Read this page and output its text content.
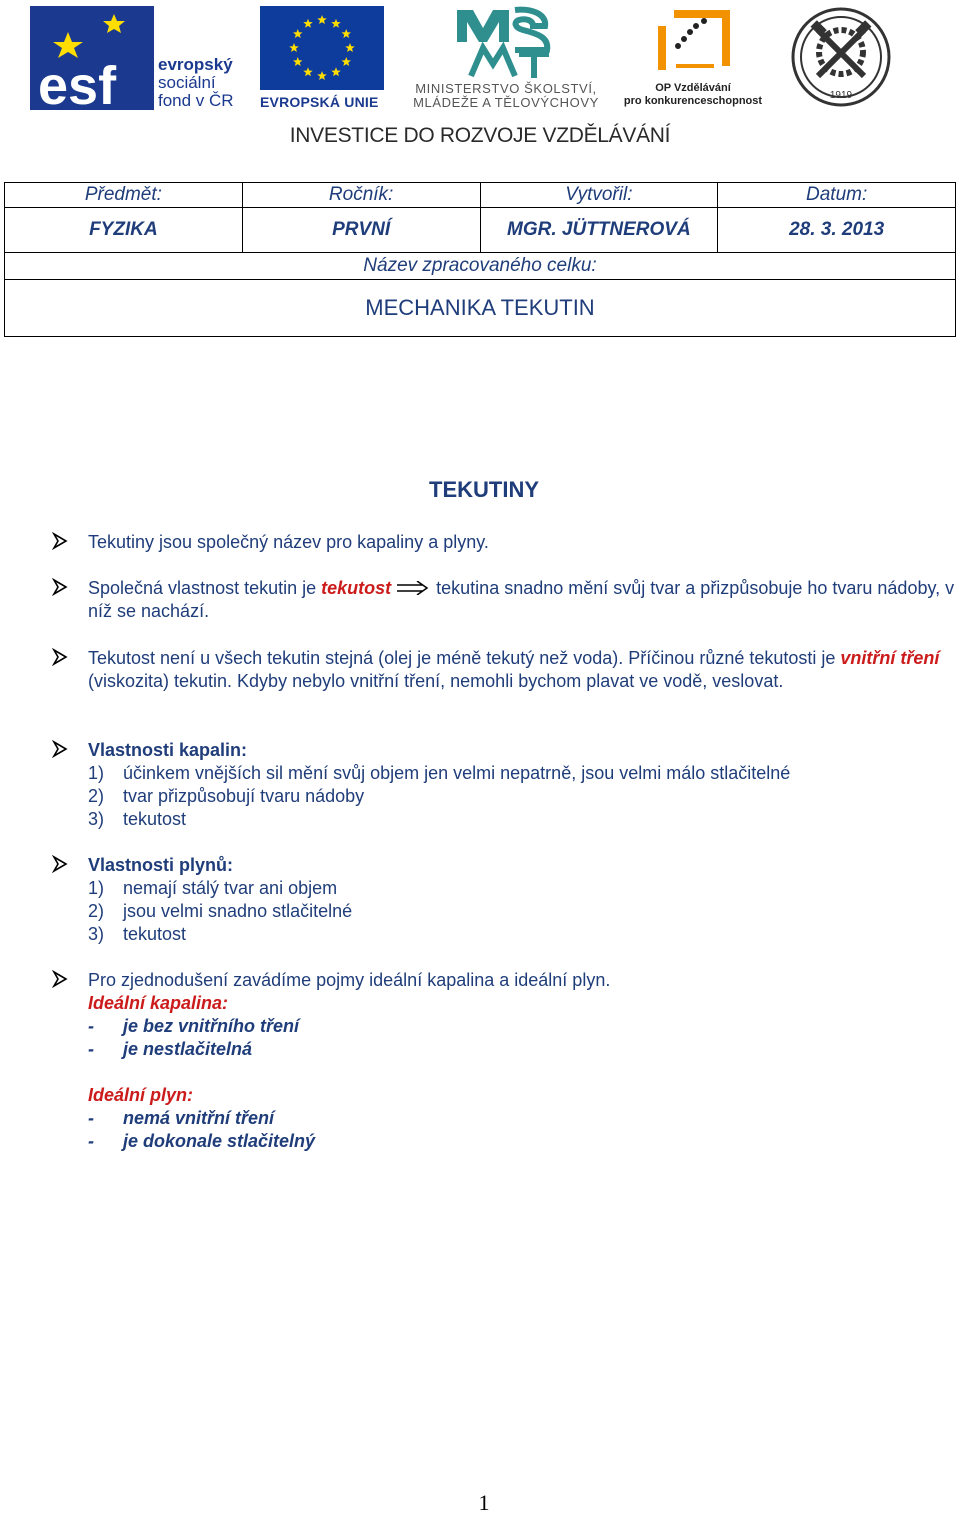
esf evropský
sociální
fond v ČR EVROPSKÁ UNIE
MINISTERSTVO ŠKOLSTVÍ,
MLÁDEŽE A TĚLOVÝCHOVY
OP Vzdělávání
pro konkurenceschopnost	1919
INVESTICE DO ROZVOJE VZDĚLÁVÁNÍ
Předmět:	Ročník:	Vytvořil:	Datum:
FYZIKA	PRVNÍ	MGR. JÜTTNEROVÁ	28. 3. 2013
Název zpracovaného celku:			
MECHANIKA TEKUTIN			
TEKUTINY
Tekutiny jsou společný název pro kapaliny a plyny.
Společná vlastnost tekutin je tekutost tekutina snadno mění svůj tvar a přizpůsobuje ho tvaru nádoby, v níž se nachází.
Tekutost není u všech tekutin stejná (olej je méně tekutý než voda). Příčinou různé tekutosti je vnitřní tření (viskozita) tekutin. Kdyby nebylo vnitřní tření, nemohli bychom plavat ve vodě, veslovat.
Vlastnosti kapalin:
1) účinkem vnějších sil mění svůj objem jen velmi nepatrně, jsou velmi málo stlačitelné
2) tvar přizpůsobují tvaru nádoby
3) tekutost
Vlastnosti plynů:
1) nemají stálý tvar ani objem
2) jsou velmi snadno stlačitelné
3) tekutost
Pro zjednodušení zavádíme pojmy ideální kapalina a ideální plyn.
Ideální kapalina:
- je bez vnitřního tření
- je nestlačitelná
Ideální plyn:
- nemá vnitřní tření
- je dokonale stlačitelný
1
